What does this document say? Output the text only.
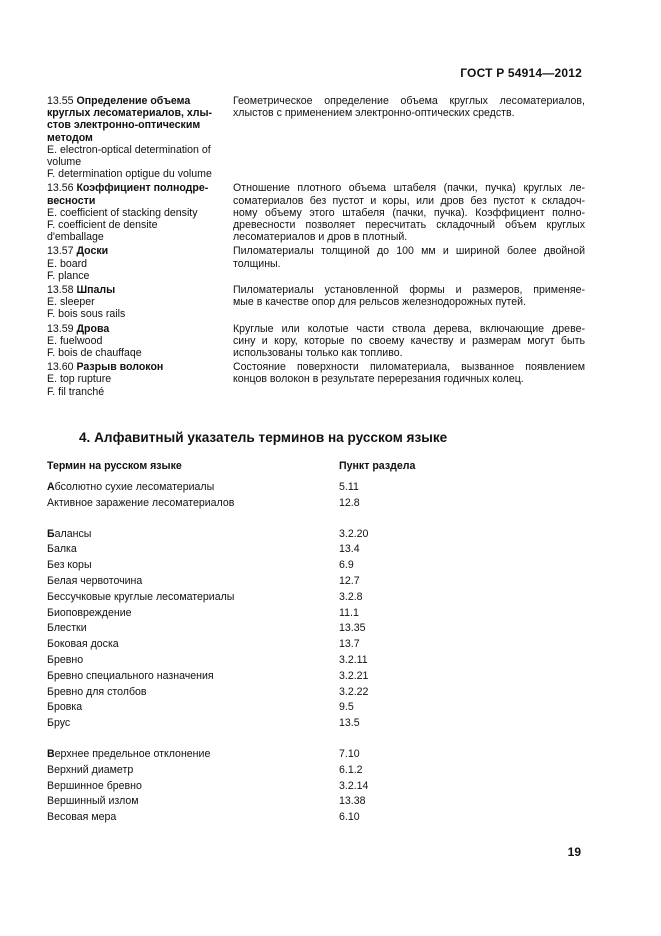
ГОСТ Р 54914—2012
13.55 Определение объема
круглых лесоматериалов, хлы-
стов электронно-оптическим
методом
E. electron-optical determination of
volume
F. determination optigue du volume
Геометрическое определение объема круглых лесоматериалов,
хлыстов с применением электронно-оптических средств.
13.56 Коэффициент полнодре-
весности
E. coefficient of stacking density
F. coefficient de densite
d'emballage
Отношение плотного объема штабеля (пачки, пучка) круглых ле-
соматериалов без пустот и коры, или дров без пустот к складоч-
ному объему этого штабеля (пачки, пучка). Коэффициент полно-
древесности позволяет пересчитать складочный объем круглых
лесоматериалов и дров в плотный.
13.57 Доски
E. board
F. plance
Пиломатериалы толщиной до 100 мм и шириной более двойной
толщины.
13.58 Шпалы
E. sleeper
F. bois sous rails
Пиломатериалы установленной формы и размеров, применяе-
мые в качестве опор для рельсов железнодорожных путей.
13.59 Дрова
E. fuelwood
F. bois de chauffaqe
Круглые или колотые части ствола дерева, включающие древе-
сину и кору, которые по своему качеству и размерам могут быть
использованы только как топливо.
13.60 Разрыв волокон
E. top rupture
F. fil tranché
Состояние поверхности пиломатериала, вызванное появлением
концов волокон в результате перерезания годичных колец.
4. Алфавитный указатель терминов на русском языке
Термин на русском языке	Пункт раздела
Абсолютно сухие лесоматериалы	5.11
Активное заражение лесоматериалов	12.8
Балансы	3.2.20
Балка	13.4
Без коры	6.9
Белая червоточина	12.7
Бессучковые круглые лесоматериалы	3.2.8
Биоповреждение	11.1
Блестки	13.35
Боковая доска	13.7
Бревно	3.2.11
Бревно специального назначения	3.2.21
Бревно для столбов	3.2.22
Бровка	9.5
Брус	13.5
Верхнее предельное отклонение	7.10
Верхний диаметр	6.1.2
Вершинное бревно	3.2.14
Вершинный излом	13.38
Весовая мера	6.10
19
